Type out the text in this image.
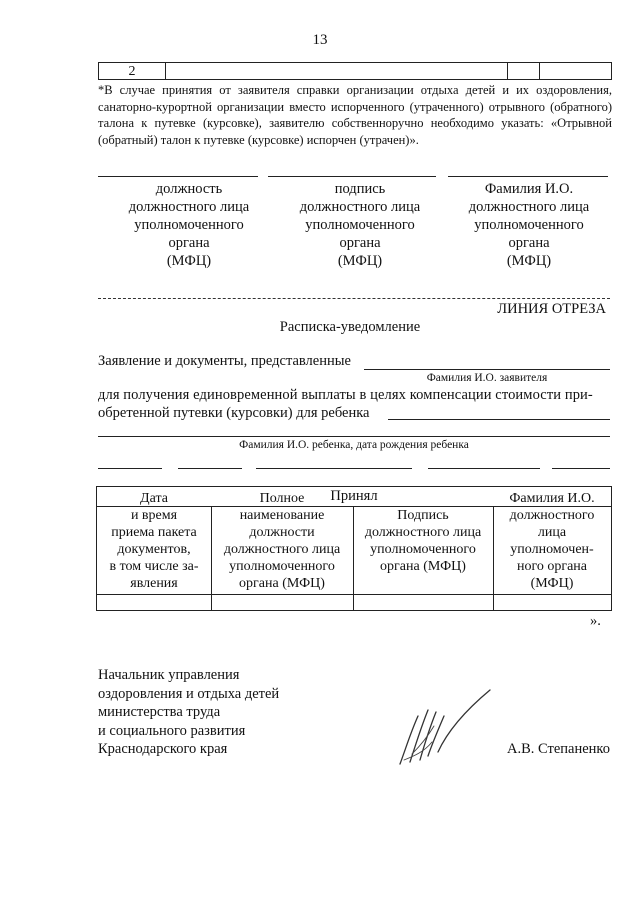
13
2
*В случае принятия от заявителя справки организации отдыха детей и их оздоровления, санаторно-курортной организации вместо испорченного (утраченного) отрывного (обратного) талона к путевке (курсовке), заявителю собственноручно необходимо указать: «Отрывной (обратный) талон к путевке (курсовке) испорчен (утрачен)».
должность
должностного лица
уполномоченного
органа
(МФЦ)
подпись
должностного лица
уполномоченного
органа
(МФЦ)
Фамилия И.О.
должностного лица
уполномоченного
органа
(МФЦ)
ЛИНИЯ ОТРЕЗА
Расписка-уведомление
Заявление и документы, представленные
Фамилия И.О. заявителя
для получения единовременной выплаты в целях компенсации стоимости при-
обретенной путевки (курсовки) для ребенка
Фамилия И.О. ребенка, дата рождения ребенка
Принял
Дата
и время
приема пакета
документов,
в том числе за-
явления
Полное
наименование
должности
должностного лица
уполномоченного
органа (МФЦ)
Подпись
должностного лица
уполномоченного
органа (МФЦ)
Фамилия И.О.
должностного
лица
уполномочен-
ного органа
(МФЦ)
».
Начальник управления
оздоровления и отдыха детей
министерства труда
и социального развития
Краснодарского края	А.В. Степаненко
